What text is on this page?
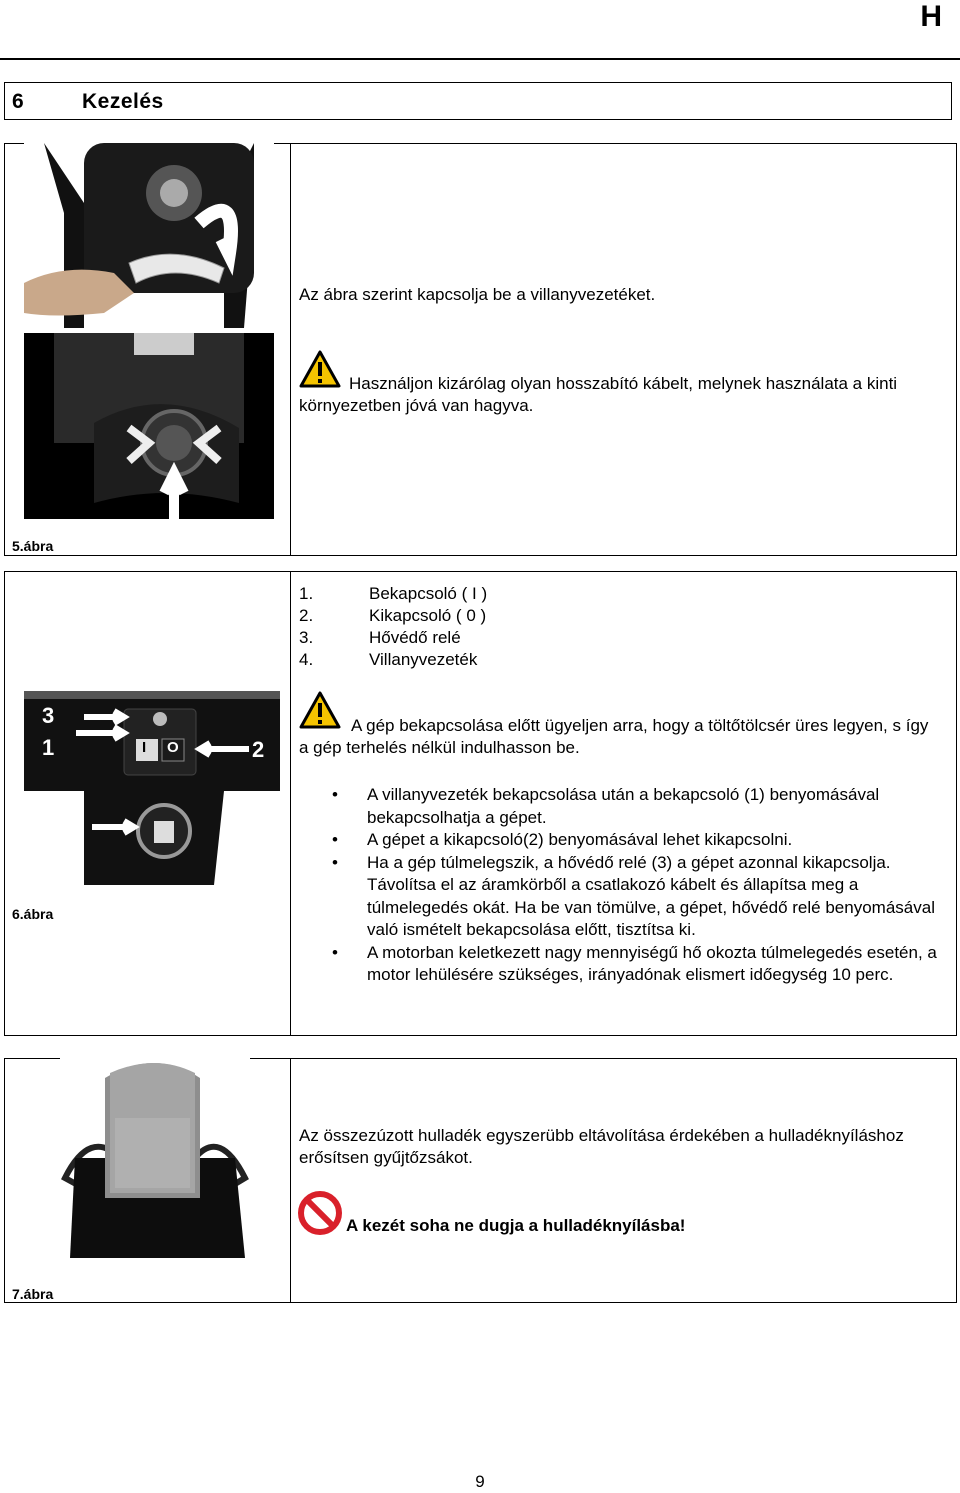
H
6	Kezelés
5.ábra
Az ábra szerint kapcsolja be a villanyvezetéket.
Használjon kizárólag olyan hosszabító kábelt, melynek használata a kinti környezetben jóvá van hagyva.
3
1	2
4
I O
6.ábra
1.	Bekapcsoló ( I )
2.	Kikapcsoló ( 0 )
3.	Hővédő relé
4.	Villanyvezeték
A gép bekapcsolása előtt ügyeljen arra, hogy a töltőtölcsér üres legyen, s így a gép terhelés nélkül indulhasson be.
• A villanyvezeték bekapcsolása után a bekapcsoló (1) benyomásával bekapcsolhatja a gépet.
• A gépet a kikapcsoló(2) benyomásával lehet kikapcsolni.
• Ha a gép túlmelegszik, a hővédő relé (3) a gépet azonnal kikapcsolja. Távolítsa el az áramkörből a csatlakozó kábelt és állapítsa meg a túlmelegedés okát. Ha be van tömülve, a gépet, hővédő relé benyomásával való ismételt bekapcsolása előtt, tisztítsa ki.
• A motorban keletkezett nagy mennyiségű hő okozta túlmelegedés esetén, a motor lehülésére szükséges, irányadónak elismert időegység 10 perc.
7.ábra
Az összezúzott hulladék egyszerübb eltávolítása érdekében a hulladéknyíláshoz erősítsen gyűjtőzsákot.
A kezét soha ne dugja a hulladéknyílásba!
9
